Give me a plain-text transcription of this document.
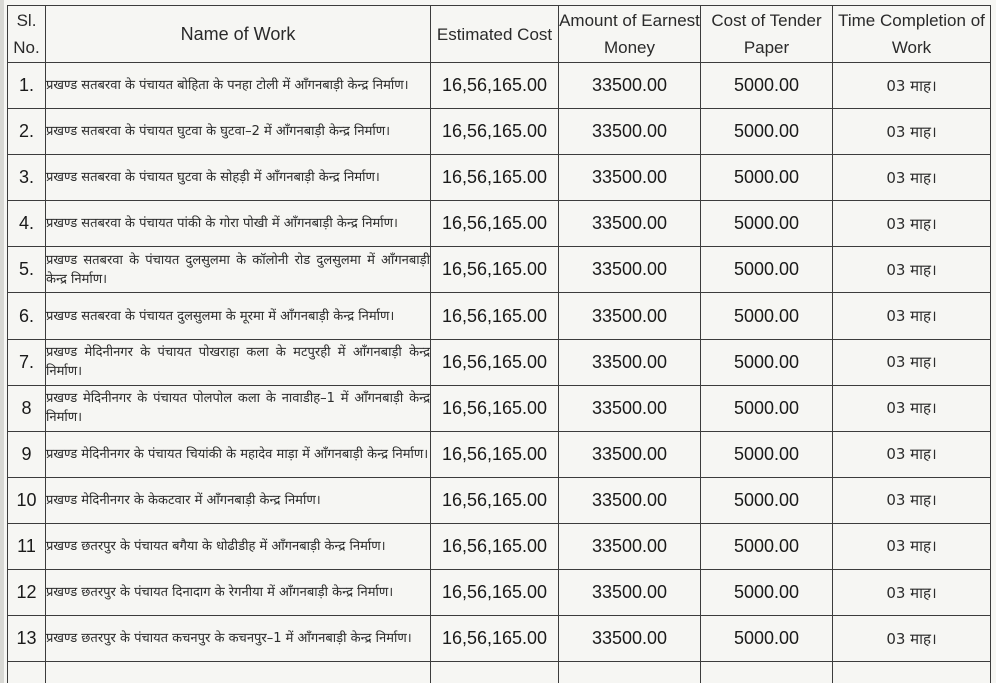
Sl. No.	Name of Work	Estimated Cost	Amount of Earnest Money	Cost of Tender Paper	Time Completion of Work
1.	प्रखण्ड सतबरवा के पंचायत बोहिता के पनहा टोली में आँगनबाड़ी केन्द्र निर्माण।	16,56,165.00	33500.00	5000.00	03 माह।
2.	प्रखण्ड सतबरवा के पंचायत घुटवा के घुटवा–2 में आँगनबाड़ी केन्द्र निर्माण।	16,56,165.00	33500.00	5000.00	03 माह।
3.	प्रखण्ड सतबरवा के पंचायत घुटवा के सोहड़ी में आँगनबाड़ी केन्द्र निर्माण।	16,56,165.00	33500.00	5000.00	03 माह।
4.	प्रखण्ड सतबरवा के पंचायत पांकी के गोरा पोखी में आँगनबाड़ी केन्द्र निर्माण।	16,56,165.00	33500.00	5000.00	03 माह।
5.	प्रखण्ड सतबरवा के पंचायत दुलसुलमा के कॉलोनी रोड दुलसुलमा में आँगनबाड़ी केन्द्र निर्माण।	16,56,165.00	33500.00	5000.00	03 माह।
6.	प्रखण्ड सतबरवा के पंचायत दुलसुलमा के मूरमा में आँगनबाड़ी केन्द्र निर्माण।	16,56,165.00	33500.00	5000.00	03 माह।
7.	प्रखण्ड मेदिनीनगर के पंचायत पोखराहा कला के मटपुरही में आँगनबाड़ी केन्द्र निर्माण।	16,56,165.00	33500.00	5000.00	03 माह।
8	प्रखण्ड मेदिनीनगर के पंचायत पोलपोल कला के नावाडीह–1 में आँगनबाड़ी केन्द्र निर्माण।	16,56,165.00	33500.00	5000.00	03 माह।
9	प्रखण्ड मेदिनीनगर के पंचायत चियांकी के महादेव माड़ा में आँगनबाड़ी केन्द्र निर्माण।	16,56,165.00	33500.00	5000.00	03 माह।
10	प्रखण्ड मेदिनीनगर के केकटवार में आँगनबाड़ी केन्द्र निर्माण।	16,56,165.00	33500.00	5000.00	03 माह।
11	प्रखण्ड छतरपुर के पंचायत बगैया के धोढीडीह में आँगनबाड़ी केन्द्र निर्माण।	16,56,165.00	33500.00	5000.00	03 माह।
12	प्रखण्ड छतरपुर के पंचायत दिनादाग के रेगनीया में आँगनबाड़ी केन्द्र निर्माण।	16,56,165.00	33500.00	5000.00	03 माह।
13	प्रखण्ड छतरपुर के पंचायत कचनपुर के कचनपुर–1 में आँगनबाड़ी केन्द्र निर्माण।	16,56,165.00	33500.00	5000.00	03 माह।
